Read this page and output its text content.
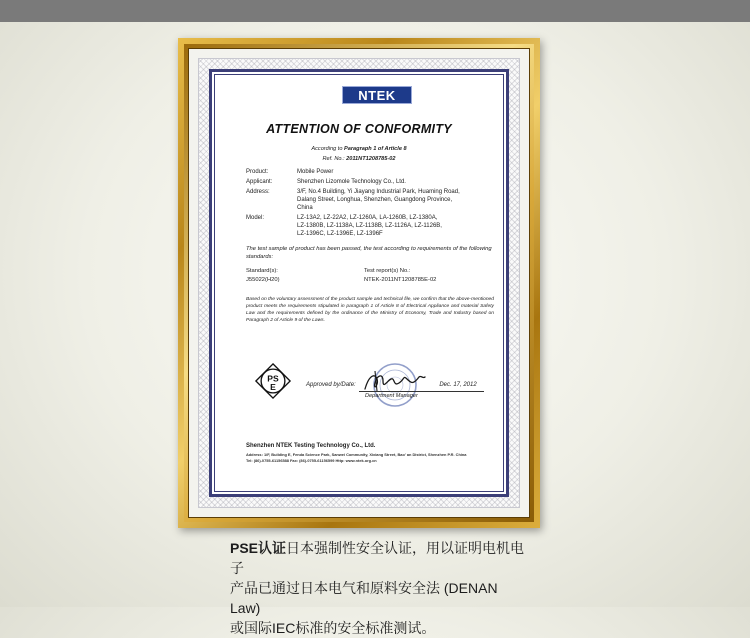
NTEK
ATTENTION OF CONFORMITY
According to Paragraph 1 of Article 8
Ref. No.: 2011NT1208785-02
Product:	Mobile Power
Applicant:	Shenzhen Lizomole Technology Co., Ltd.
Address:	3/F, No.4 Building, Yi Jiayang Industrial Park, Huaming Road,
Dalang Street, Longhua, Shenzhen, Guangdong Province,
China
Model:	LZ-13A2, LZ-22A2, LZ-1260A, LA-1260B, LZ-1380A,
LZ-1380B, LZ-1138A, LZ-1138B, LZ-1126A, LZ-1126B,
LZ-1396C, LZ-1396E, LZ-1396F
The test sample of product has been passed, the test according to requirements of the following standards:
Standard(s):
J55022(H20)
Test report(s) No.:
NTEK-2011NT1208785E-02
Based on the voluntary assessment of the product sample and technical file, we confirm that the above-mentioned product meets the requirements stipulated in paragraph 1 of Article 8 of Electrical Appliance and material Safety Law and the requirements defined by the ordinance of the Ministry of Economy, Trade and Industry based on Paragraph 2 of Article 9 of the Laws.
PS
E	Approved by/Date:	Dec. 17, 2012
Department Manager
Shenzhen NTEK Testing Technology Co., Ltd.
Address: 1/F, Building E, Fenda Science Park, Sanwei Community, Xixiang Street, Bao' an District, Shenzhen P.R. China
Tel: (86)-0755-61156588 Fax: (86)-0755-61156599 Http: www.ntek.org.cn
PSE认证日本强制性安全认证，用以证明电机电子
产品已通过日本电气和原料安全法 (DENAN Law)
或国际IEC标准的安全标准测试。
